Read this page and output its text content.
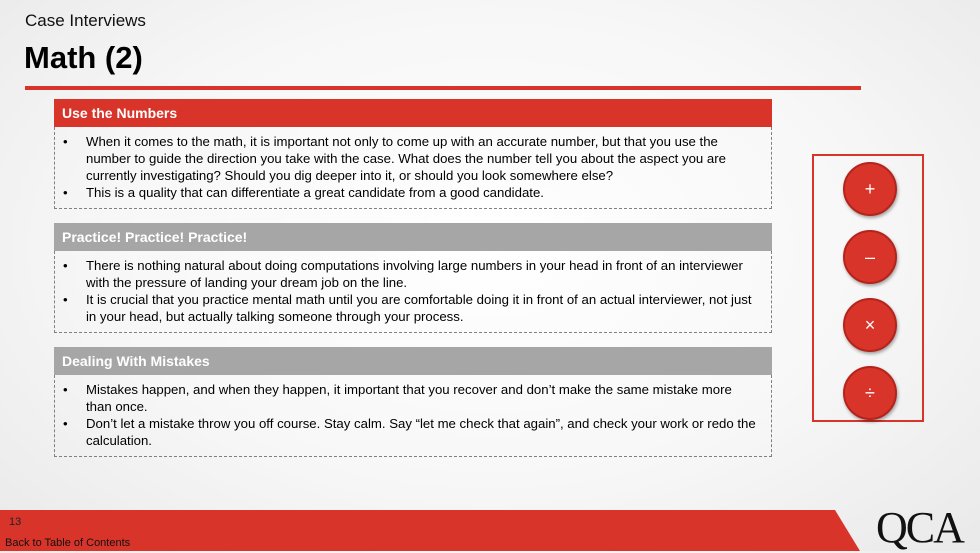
Case Interviews
Math (2)
Use the Numbers
• When it comes to the math, it is important not only to come up with an accurate number, but that you use the number to guide the direction you take with the case. What does the number tell you about the aspect you are currently investigating? Should you dig deeper into it, or should you look somewhere else?
• This is a quality that can differentiate a great candidate from a good candidate.
Practice! Practice! Practice!
• There is nothing natural about doing computations involving large numbers in your head in front of an interviewer with the pressure of landing your dream job on the line.
• It is crucial that you practice mental math until you are comfortable doing it in front of an actual interviewer, not just in your head, but actually talking someone through your process.
Dealing With Mistakes
• Mistakes happen, and when they happen, it important that you recover and don’t make the same mistake more than once.
• Don’t let a mistake throw you off course. Stay calm. Say “let me check that again”, and check your work or redo the calculation.
+
–
×
÷
13
Back to Table of Contents	QCA
